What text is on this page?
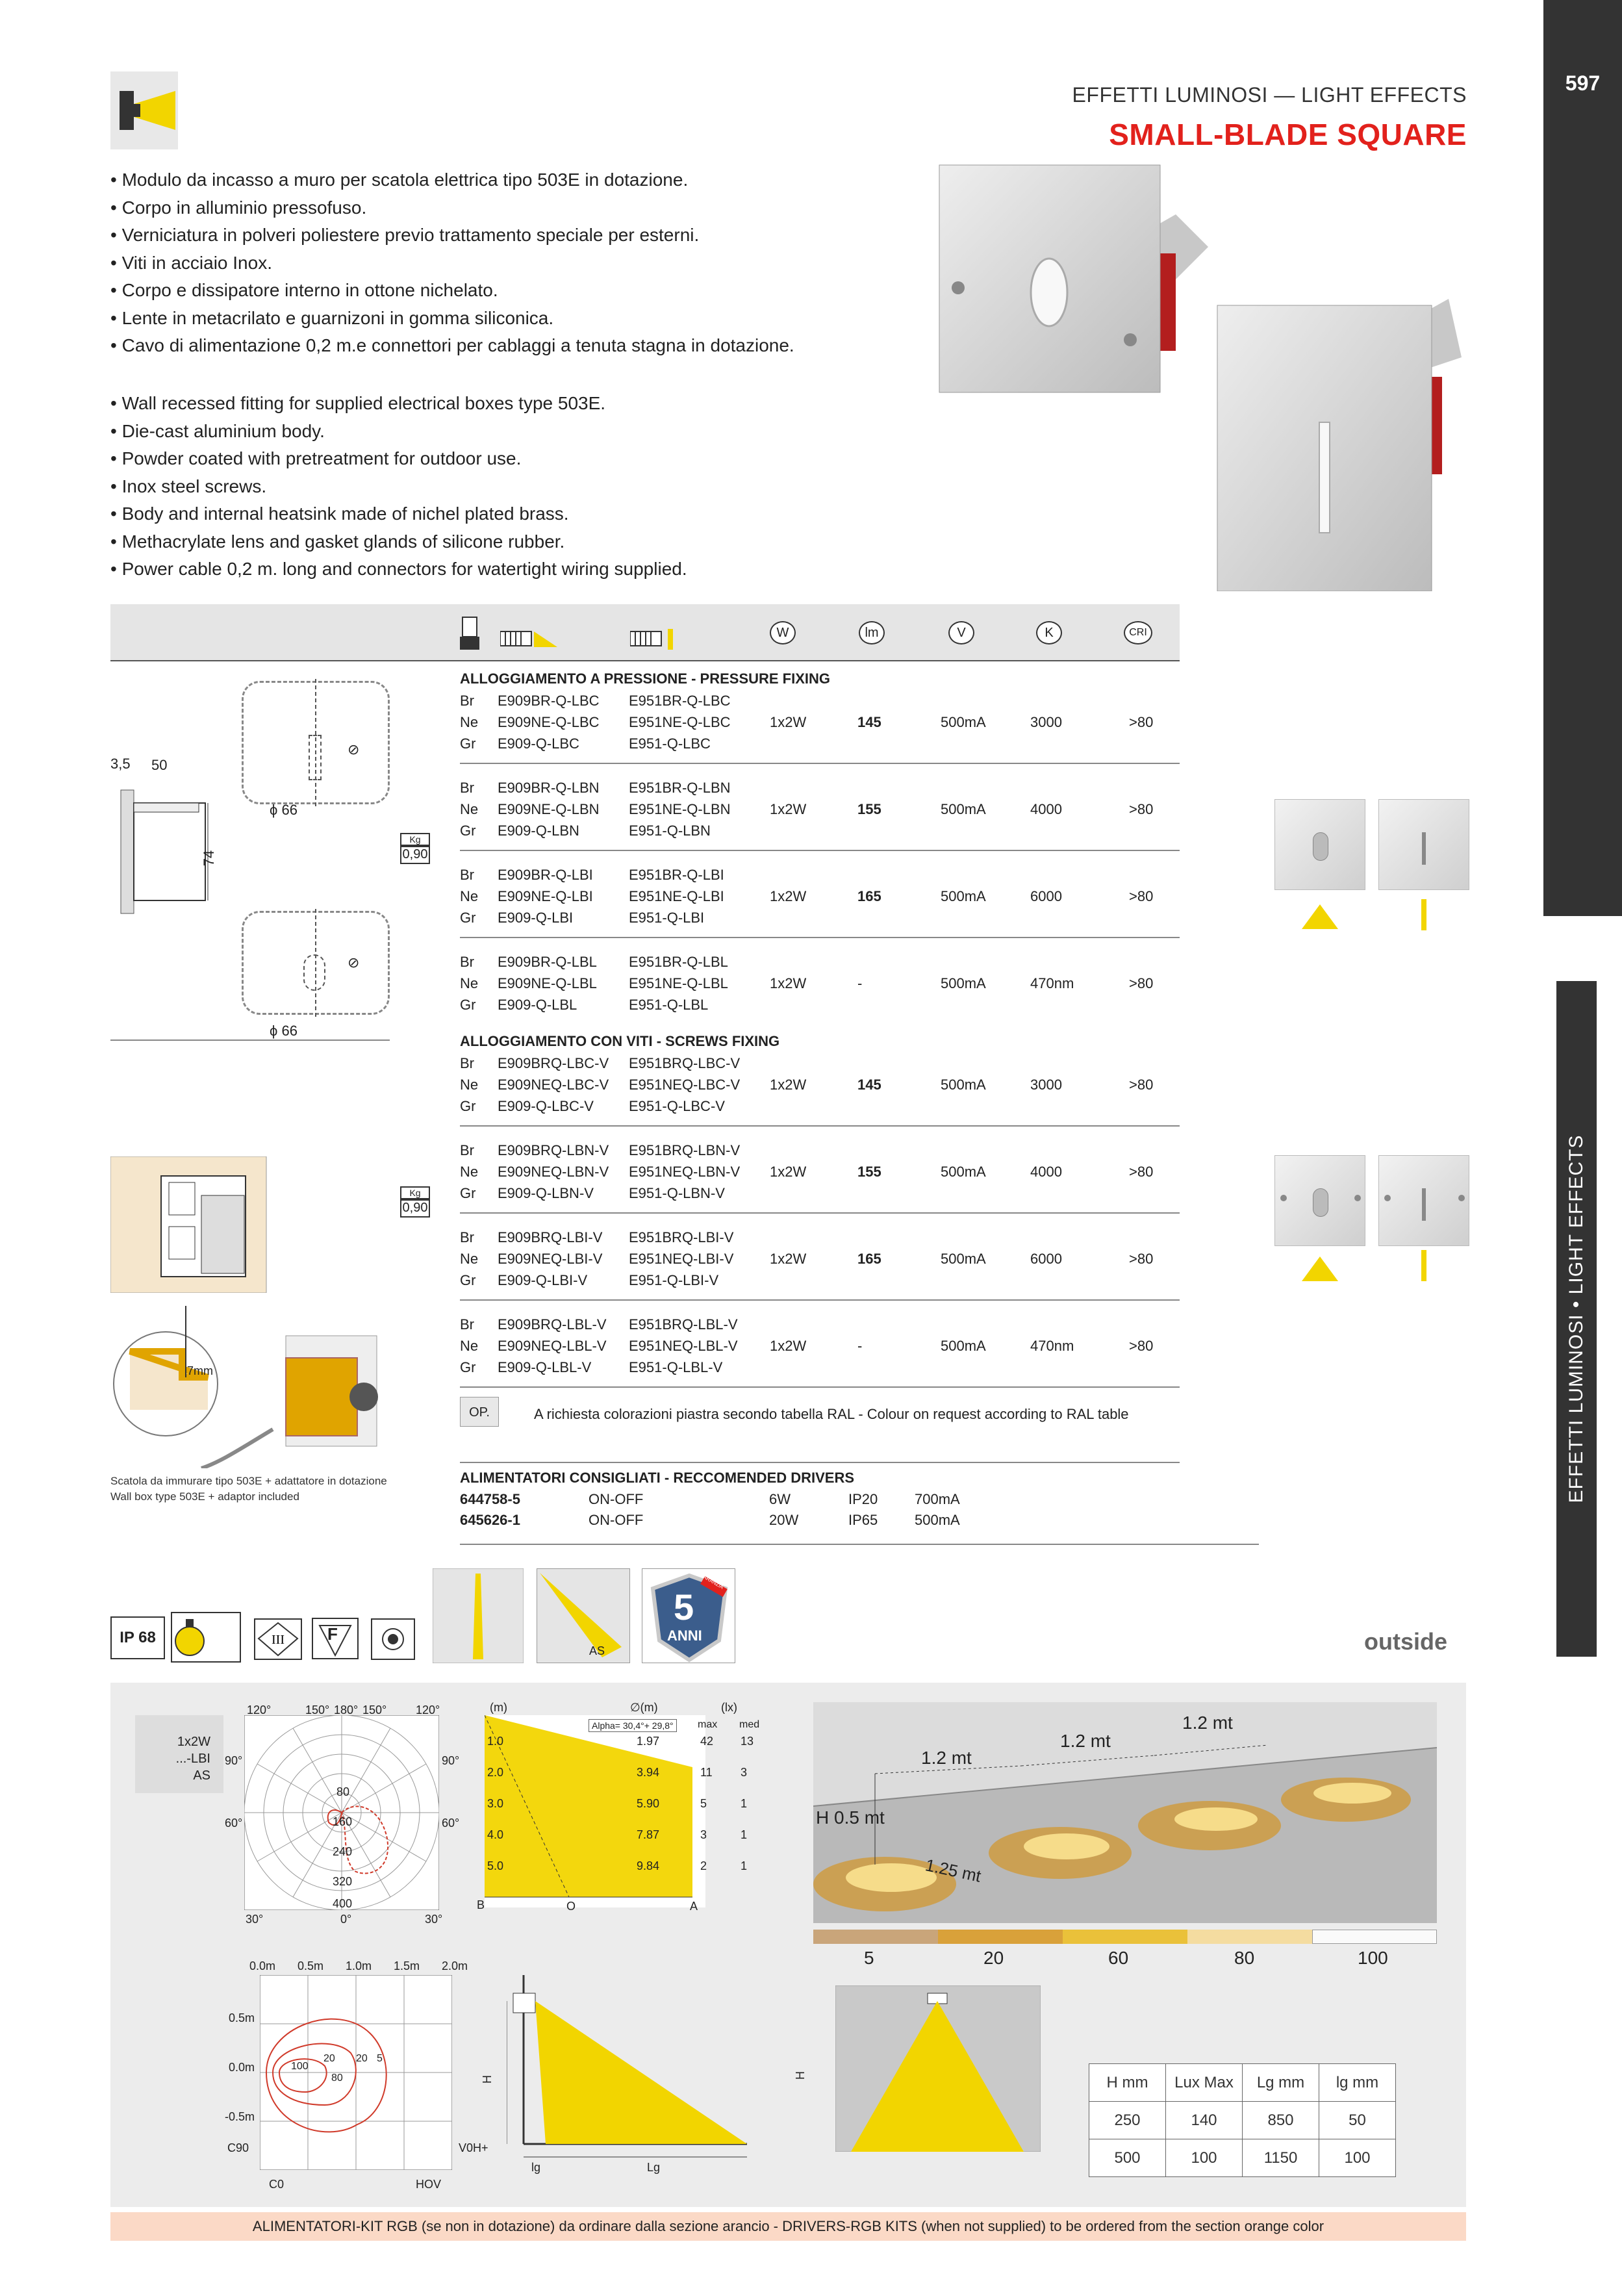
597
EFFETTI LUMINOSI • LIGHT EFFECTS
EFFETTI LUMINOSI — LIGHT EFFECTS
SMALL-BLADE SQUARE
• Modulo da incasso a muro per scatola elettrica tipo 503E in dotazione.
• Corpo in alluminio pressofuso.
• Verniciatura in polveri poliestere previo trattamento speciale per esterni.
• Viti in acciaio Inox.
• Corpo e dissipatore interno in ottone nichelato.
• Lente in metacrilato e guarnizoni in gomma siliconica.
• Cavo di alimentazione 0,2 m.e connettori per cablaggi a tenuta stagna in dotazione.
• Wall recessed fitting for supplied electrical boxes type 503E.
• Die-cast aluminium body.
• Powder coated with pretreatment for outdoor use.
• Inox steel screws.
• Body and internal heatsink made of nichel plated brass.
• Methacrylate lens and gasket glands of silicone rubber.
• Power cable 0,2 m. long and connectors for watertight wiring supplied.
W	lm	V	K	CRI
ALLOGGIAMENTO A PRESSIONE - PRESSURE FIXING
Br E909BR-Q-LBC E951BR-Q-LBC
Ne E909NE-Q-LBC E951NE-Q-LBC	1x2W	145	500mA	3000	>80
Gr E909-Q-LBC	E951-Q-LBC
Br E909BR-Q-LBN E951BR-Q-LBN
Ne E909NE-Q-LBN E951NE-Q-LBN	1x2W	155	500mA	4000	>80
Gr E909-Q-LBN	E951-Q-LBN
Br E909BR-Q-LBI	E951BR-Q-LBI
Ne E909NE-Q-LBI	E951NE-Q-LBI	1x2W	165	500mA	6000	>80
Gr E909-Q-LBI	E951-Q-LBI
Br E909BR-Q-LBL E951BR-Q-LBL
Ne E909NE-Q-LBL E951NE-Q-LBL	1x2W	-	500mA	470nm	>80
Gr E909-Q-LBL	E951-Q-LBL
ALLOGGIAMENTO CON VITI - SCREWS FIXING
Br E909BRQ-LBC-V E951BRQ-LBC-V
Ne E909NEQ-LBC-V E951NEQ-LBC-V 1x2W	145	500mA	3000	>80
Gr E909-Q-LBC-V E951-Q-LBC-V
Br E909BRQ-LBN-V E951BRQ-LBN-V
Ne E909NEQ-LBN-V E951NEQ-LBN-V 1x2W	155	500mA	4000	>80
Gr E909-Q-LBN-V E951-Q-LBN-V
Br E909BRQ-LBI-V E951BRQ-LBI-V
Ne E909NEQ-LBI-V E951NEQ-LBI-V	1x2W	165	500mA	6000	>80
Gr E909-Q-LBI-V	E951-Q-LBI-V
Br E909BRQ-LBL-V E951BRQ-LBL-V
Ne E909NEQ-LBL-V E951NEQ-LBL-V 1x2W	-	500mA	470nm	>80
Gr E909-Q-LBL-V	E951-Q-LBL-V
OP.	A richiesta colorazioni piastra secondo tabella RAL - Colour on request according to RAL table
ALIMENTATORI CONSIGLIATI - RECCOMENDED DRIVERS
644758-5	ON-OFF	6W	IP20	700mA
645626-1	ON-OFF	20W	IP65	500mA
⊘
ϕ 66
3,5 50
74
Kg
0,90
⊘
ϕ 66
Kg
0,90
7mm
Scatola da immurare tipo 503E + adattatore in dotazione
Wall box type 503E + adaptor included
IP 68	III	F
AS
5
ANNI
GARANZIA
outside
1x2W
...-LBI
AS
120°	150° 180° 150° 120°
90°	90°
60°	60°
30°	0°	30°
80
160
240
320
400
(m)	∅(m)	(lx)
Alpha= 30,4°+ 29,8°	max med
1.0	1.97	42 13
2.0	3.94	11 3
3.0	5.90	5	1
4.0	7.87	3	1
5.0	9.84	2	1
B	O	A
1.2 mt
1.2 mt
1.2 mt
H 0.5 mt
1.25 mt
5	20	60	80	100
0.0m 0.5m 1.0m 1.5m 2.0m
0.5m
0.0m
-0.5m
100
80
20 20 5
C90
C0	HOV
V0H+
H
lg	Lg
H	H mm	Lux Max	Lg mm	lg mm
250	140	850	50
500	100	1150	100
ALIMENTATORI-KIT RGB (se non in dotazione) da ordinare dalla sezione arancio - DRIVERS-RGB KITS (when not supplied) to be ordered from the section orange color
